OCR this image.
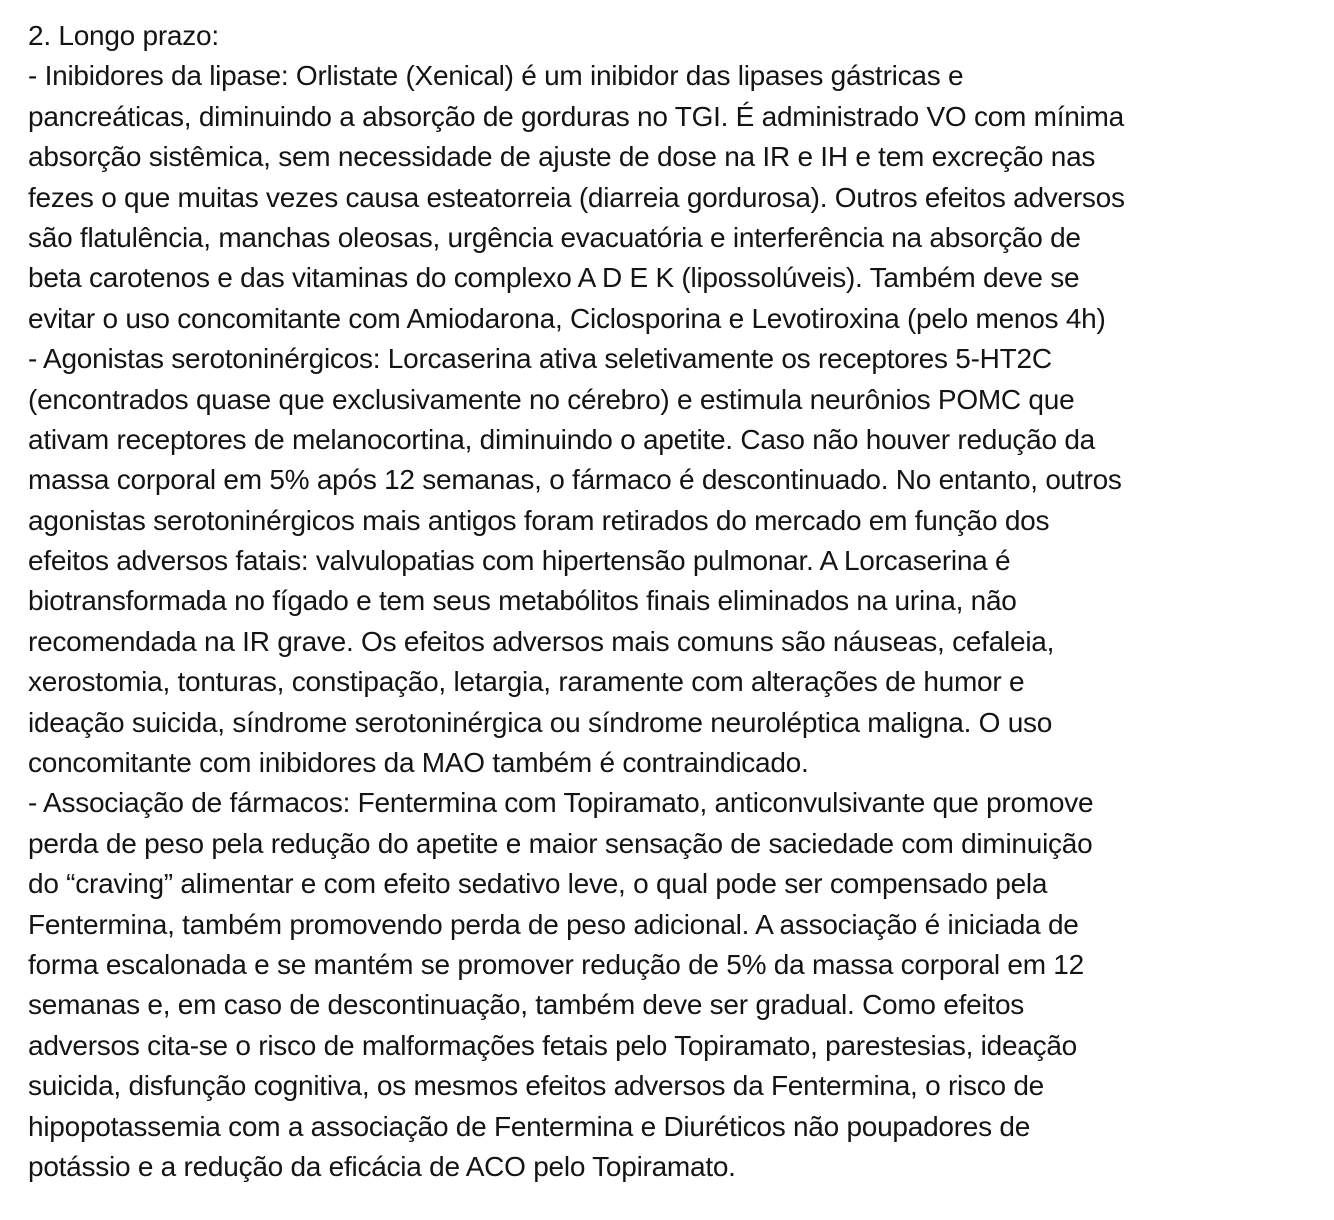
2. Longo prazo:
- Inibidores da lipase: Orlistate (Xenical) é um inibidor das lipases gástricas e
pancreáticas, diminuindo a absorção de gorduras no TGI. É administrado VO com mínima
absorção sistêmica, sem necessidade de ajuste de dose na IR e IH e tem excreção nas
fezes o que muitas vezes causa esteatorreia (diarreia gordurosa). Outros efeitos adversos
são flatulência, manchas oleosas, urgência evacuatória e interferência na absorção de
beta carotenos e das vitaminas do complexo A D E K (lipossolúveis). Também deve se
evitar o uso concomitante com Amiodarona, Ciclosporina e Levotiroxina (pelo menos 4h)
- Agonistas serotoninérgicos: Lorcaserina ativa seletivamente os receptores 5-HT2C
(encontrados quase que exclusivamente no cérebro) e estimula neurônios POMC que
ativam receptores de melanocortina, diminuindo o apetite. Caso não houver redução da
massa corporal em 5% após 12 semanas, o fármaco é descontinuado. No entanto, outros
agonistas serotoninérgicos mais antigos foram retirados do mercado em função dos
efeitos adversos fatais: valvulopatias com hipertensão pulmonar. A Lorcaserina é
biotransformada no fígado e tem seus metabólitos finais eliminados na urina, não
recomendada na IR grave. Os efeitos adversos mais comuns são náuseas, cefaleia,
xerostomia, tonturas, constipação, letargia, raramente com alterações de humor e
ideação suicida, síndrome serotoninérgica ou síndrome neuroléptica maligna. O uso
concomitante com inibidores da MAO também é contraindicado.
- Associação de fármacos: Fentermina com Topiramato, anticonvulsivante que promove
perda de peso pela redução do apetite e maior sensação de saciedade com diminuição
do “craving” alimentar e com efeito sedativo leve, o qual pode ser compensado pela
Fentermina, também promovendo perda de peso adicional. A associação é iniciada de
forma escalonada e se mantém se promover redução de 5% da massa corporal em 12
semanas e, em caso de descontinuação, também deve ser gradual. Como efeitos
adversos cita-se o risco de malformações fetais pelo Topiramato, parestesias, ideação
suicida, disfunção cognitiva, os mesmos efeitos adversos da Fentermina, o risco de
hipopotassemia com a associação de Fentermina e Diuréticos não poupadores de
potássio e a redução da eficácia de ACO pelo Topiramato.
